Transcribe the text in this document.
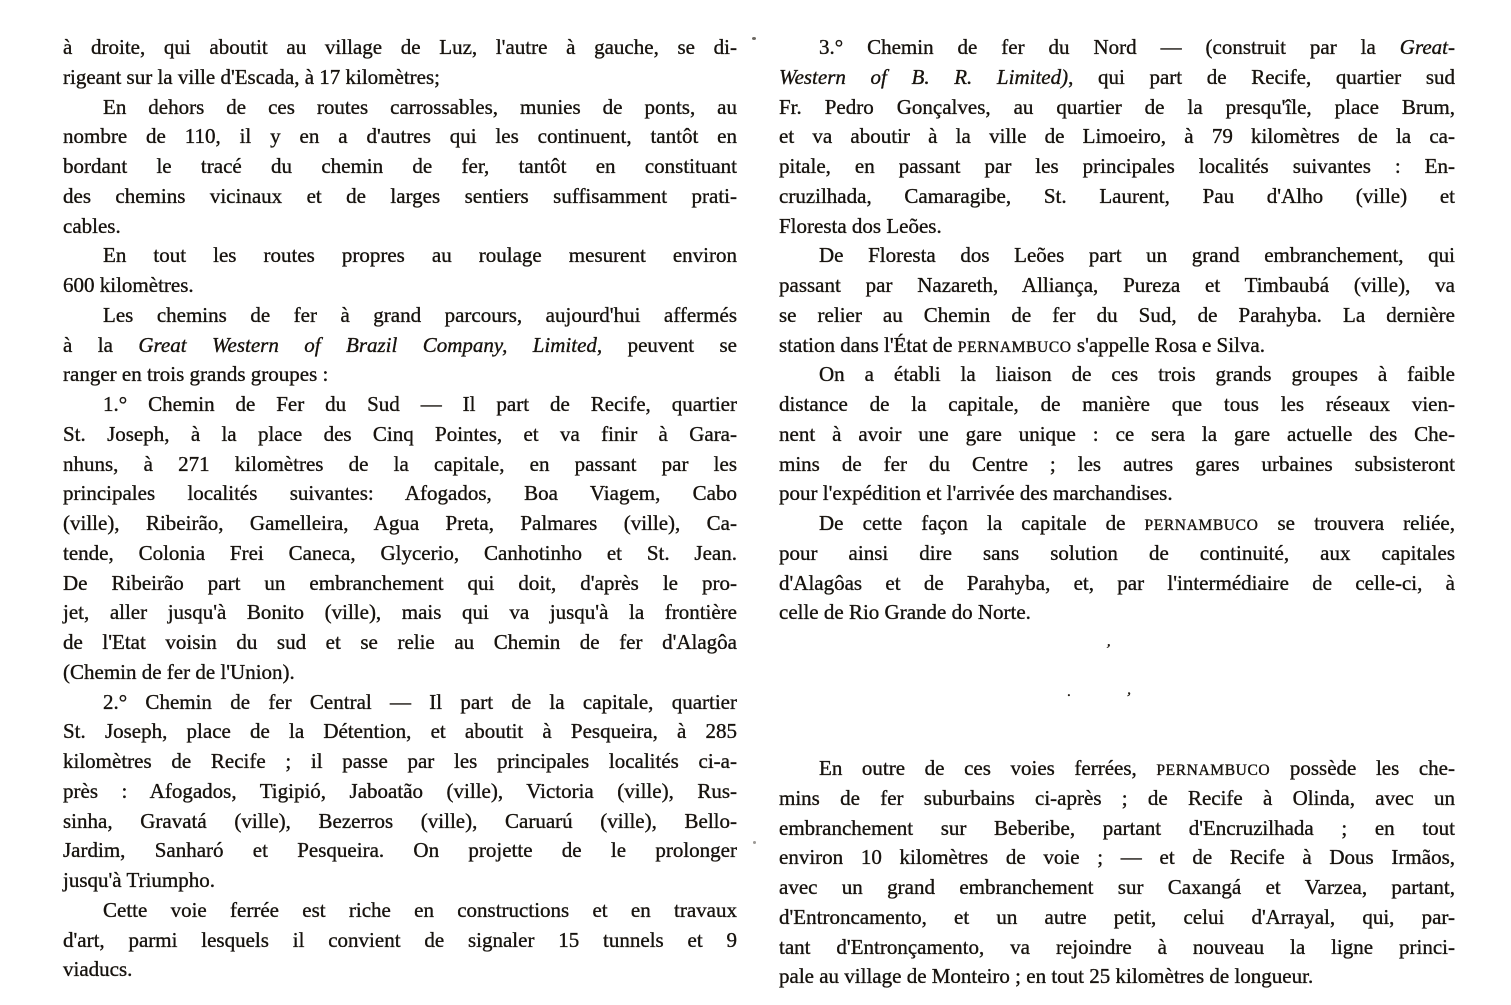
à droite, qui aboutit au village de Luz, l'autre à gauche, se di-
rigeant sur la ville d'Escada, à 17 kilomètres;
En dehors de ces routes carrossables, munies de ponts, au
nombre de 110, il y en a d'autres qui les continuent, tantôt en
bordant le tracé du chemin de fer, tantôt en constituant
des chemins vicinaux et de larges sentiers suffisamment prati-
cables.
En tout les routes propres au roulage mesurent environ
600 kilomètres.
Les chemins de fer à grand parcours, aujourd'hui affermés
à la Great Western of Brazil Company, Limited, peuvent se
ranger en trois grands groupes :
1.° Chemin de Fer du Sud — Il part de Recife, quartier
St. Joseph, à la place des Cinq Pointes, et va finir à Gara-
nhuns, à 271 kilomètres de la capitale, en passant par les
principales localités suivantes: Afogados, Boa Viagem, Cabo
(ville), Ribeirão, Gamelleira, Agua Preta, Palmares (ville), Ca-
tende, Colonia Frei Caneca, Glycerio, Canhotinho et St. Jean.
De Ribeirão part un embranchement qui doit, d'après le pro-
jet, aller jusqu'à Bonito (ville), mais qui va jusqu'à la frontière
de l'Etat voisin du sud et se relie au Chemin de fer d'Alagôa
(Chemin de fer de l'Union).
2.° Chemin de fer Central — Il part de la capitale, quartier
St. Joseph, place de la Détention, et aboutit à Pesqueira, à 285
kilomètres de Recife ; il passe par les principales localités ci-a-
près : Afogados, Tigipió, Jaboatão (ville), Victoria (ville), Rus-
sinha, Gravatá (ville), Bezerros (ville), Caruarú (ville), Bello-
Jardim, Sanharó et Pesqueira. On projette de le prolonger
jusqu'à Triumpho.
Cette voie ferrée est riche en constructions et en travaux
d'art, parmi lesquels il convient de signaler 15 tunnels et 9
viaducs.
3.° Chemin de fer du Nord — (construit par la Great-
Western of B. R. Limited), qui part de Recife, quartier sud
Fr. Pedro Gonçalves, au quartier de la presqu'île, place Brum,
et va aboutir à la ville de Limoeiro, à 79 kilomètres de la ca-
pitale, en passant par les principales localités suivantes : En-
cruzilhada, Camaragibe, St. Laurent, Pau d'Alho (ville) et
Floresta dos Leões.
De Floresta dos Leões part un grand embranchement, qui
passant par Nazareth, Alliança, Pureza et Timbaubá (ville), va
se relier au Chemin de fer du Sud, de Parahyba. La dernière
station dans l'État de PERNAMBUCO s'appelle Rosa e Silva.
On a établi la liaison de ces trois grands groupes à faible
distance de la capitale, de manière que tous les réseaux vien-
nent à avoir une gare unique : ce sera la gare actuelle des Che-
mins de fer du Centre ; les autres gares urbaines subsisteront
pour l'expédition et l'arrivée des marchandises.
De cette façon la capitale de PERNAMBUCO se trouvera reliée,
pour ainsi dire sans solution de continuité, aux capitales
d'Alagôas et de Parahyba, et, par l'intermédiaire de celle-ci, à
celle de Rio Grande do Norte.
’
.	‚
En outre de ces voies ferrées, PERNAMBUCO possède les che-
mins de fer suburbains ci-après ; de Recife à Olinda, avec un
embranchement sur Beberibe, partant d'Encruzilhada ; en tout
environ 10 kilomètres de voie ; — et de Recife à Dous Irmãos,
avec un grand embranchement sur Caxangá et Varzea, partant,
d'Entroncamento, et un autre petit, celui d'Arrayal, qui, par-
tant d'Entronçamento, va rejoindre à nouveau la ligne princi-
pale au village de Monteiro ; en tout 25 kilomètres de longueur.
